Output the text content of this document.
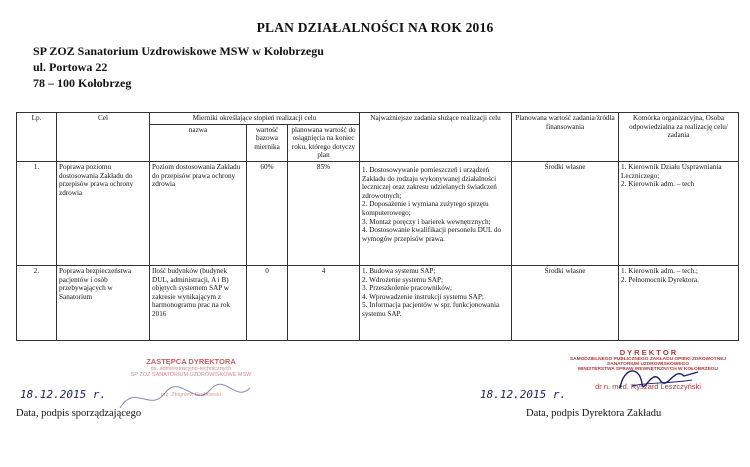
PLAN DZIAŁALNOŚCI NA ROK 2016
SP ZOZ Sanatorium Uzdrowiskowe MSW w Kołobrzegu
ul. Portowa 22
78 – 100 Kołobrzeg
Lp.	Cel	Mierniki określające stopień realizacji celu			Najważniejsze zadania służące realizacji celu	Planowana wartość zadania/źródła finansowania	Komórka organizacyjna, Osoba odpowiedzialna za realizację celu/ zadania
		nazwa	wartość bazowa miernika	planowana wartość do osiągnięcia na koniec roku, którego dotyczy plan			
1.	Poprawa poziomu dostosowania Zakładu do przepisów prawa ochrony zdrowia	Poziom dostosowania Zakładu do przepisów prawa ochrony zdrowia	60%	85%	1. Dostosowywanie pomieszczeń i urządzeń Zakładu do rodzaju wykonywanej działalności leczniczej oraz zakresu udzielanych świadczeń zdrowotnych;
2. Doposażenie i wymiana zużytego sprzętu komputerowego;
3. Montaż poręczy i barierek wewnętrznych;
4. Dostosowanie kwalifikacji personelu DUL do wymogów przepisów prawa.	Środki własne	1. Kierownik Działu Usprawniania Leczniczego;
2. Kierownik adm. – tech
2.	Poprawa bezpieczeństwa pacjentów i osób przebywających w Sanatorium	Ilość budynków (budynek DUL, administracji, A i B) objętych systemem SAP w zakresie wynikającym z harmonogramu prac na rok 2016	0	4	1. Budowa systemu SAP;
2. Wdrożenie systemu SAP;
3. Przeszkolenie pracowników;
4. Wprowadzenie instrukcji systemu SAP;
5. Informacja pacjentów w spr. funkcjonowania systemu SAP.	Środki własne	1. Kierownik adm. – tech.;
2. Pełnomocnik Dyrektora.
ZASTĘPCA DYREKTORA
ds. administracyjno-technicznych
SP ZOZ SANATORIUM UZDROWISKOWE MSW
inż. Zbigniew Grabowski
18.12.2015 r.
Data, podpis sporządzającego
D Y R E K T O R
SAMODZIELNEGO PUBLICZNEGO ZAKŁADU OPIEKI ZDROWOTNEJ
SANATORIUM UZDROWISKOWEGO
MINISTERSTWA SPRAW WEWNĘTRZNYCH W KOŁOBRZEGU
dr n. med. Ryszard Leszczyński
18.12.2015 r.
Data, podpis Dyrektora Zakładu
